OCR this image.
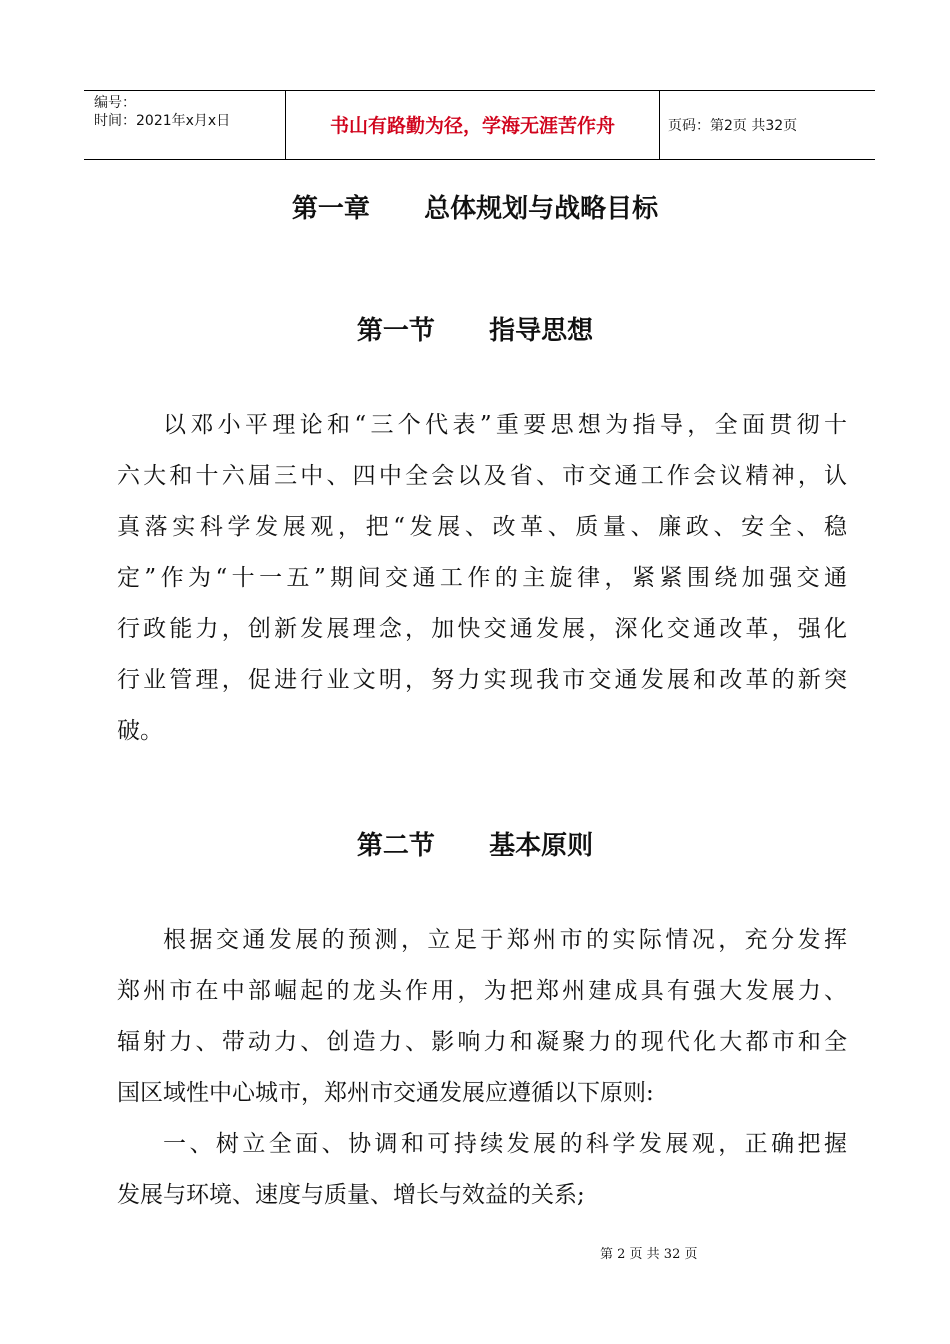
编号：
时间：2021年x月x日	书山有路勤为径，学海无涯苦作舟	页码：第2页 共32页
第一章      总体规划与战略目标
第一节      指导思想
以邓小平理论和“三个代表”重要思想为指导，全面贯彻十
六大和十六届三中、四中全会以及省、市交通工作会议精神，认
真落实科学发展观，把“发展、改革、质量、廉政、安全、稳
定”作为“十一五”期间交通工作的主旋律，紧紧围绕加强交通
行政能力，创新发展理念，加快交通发展，深化交通改革，强化
行业管理，促进行业文明，努力实现我市交通发展和改革的新突
破。
第二节      基本原则
根据交通发展的预测，立足于郑州市的实际情况，充分发挥
郑州市在中部崛起的龙头作用，为把郑州建成具有强大发展力、
辐射力、带动力、创造力、影响力和凝聚力的现代化大都市和全
国区域性中心城市，郑州市交通发展应遵循以下原则:
一、树立全面、协调和可持续发展的科学发展观，正确把握
发展与环境、速度与质量、增长与效益的关系;
第 2 页 共 32 页
